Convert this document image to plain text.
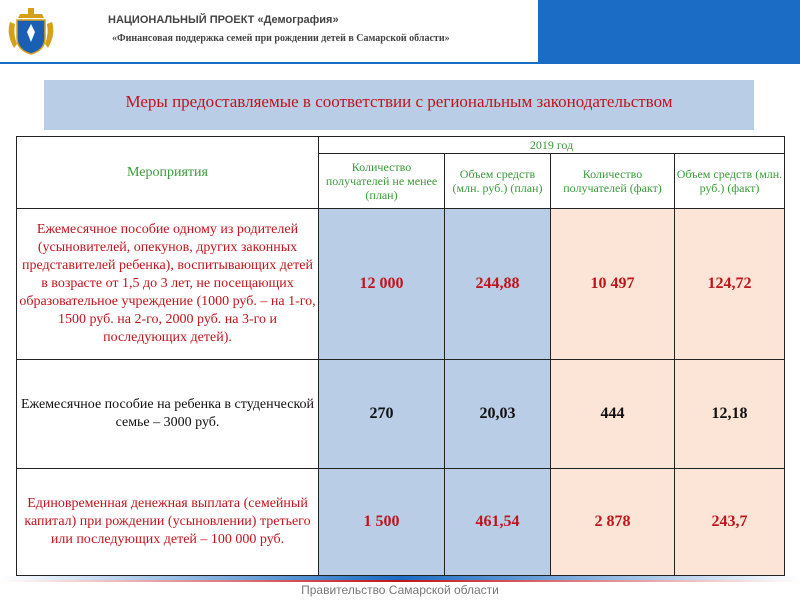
НАЦИОНАЛЬНЫЙ ПРОЕКТ «Демография»
«Финансовая поддержка семей при рождении детей в Самарской области»
Меры предоставляемые в соответствии с региональным законодательством
Мероприятия	2019 год			
	Количество получателей не менее (план)	Объем средств (млн. руб.) (план)	Количество получателей (факт)	Объем средств (млн. руб.) (факт)
Ежемесячное пособие одному из родителей (усыновителей, опекунов, других законных представителей ребенка), воспитывающих детей в возрасте от 1,5 до 3 лет, не посещающих образовательное учреждение (1000 руб. – на 1-го, 1500 руб. на 2-го, 2000 руб. на 3-го и последующих детей).	12 000	244,88	10 497	124,72
Ежемесячное пособие на ребенка в студенческой семье – 3000 руб.	270	20,03	444	12,18
Единовременная денежная выплата (семейный капитал) при рождении (усыновлении) третьего или последующих детей – 100 000 руб.	1 500	461,54	2 878	243,7
Правительство Самарской области
